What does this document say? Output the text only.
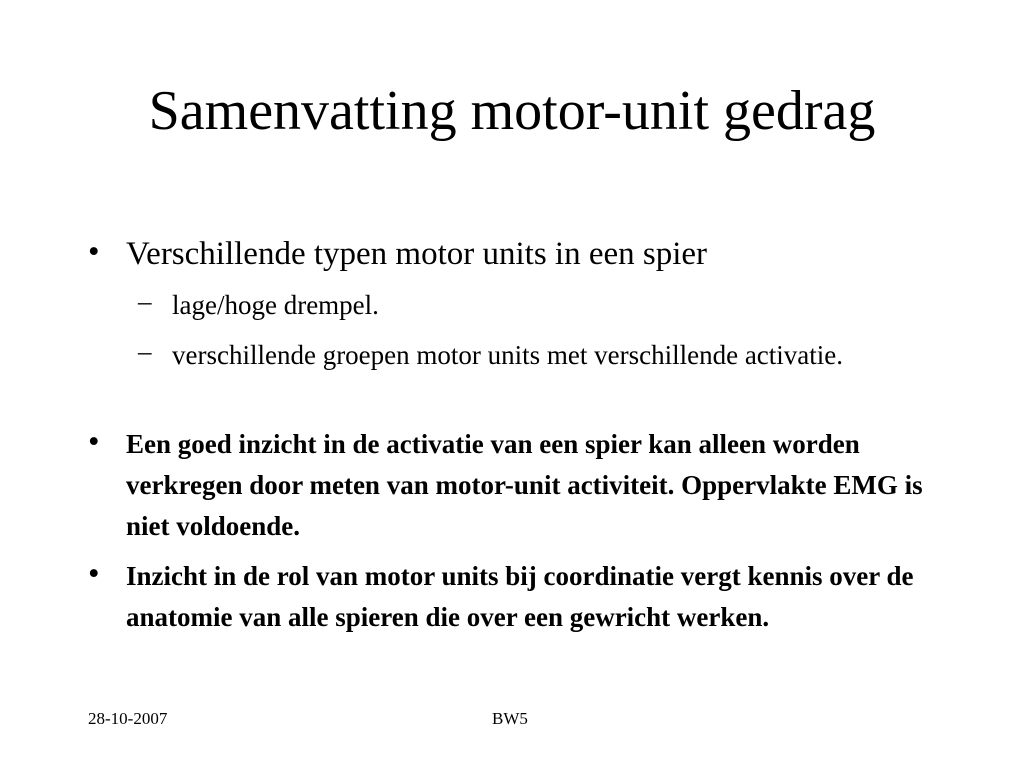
Samenvatting motor-unit gedrag
• Verschillende typen motor units in een spier
– lage/hoge drempel.
– verschillende groepen motor units met verschillende activatie.
• Een goed inzicht in de activatie van een spier kan alleen worden verkregen door meten van motor-unit activiteit. Oppervlakte EMG is niet voldoende.
• Inzicht in de rol van motor units bij coordinatie vergt kennis over de anatomie van alle spieren die over een gewricht werken.
28-10-2007	BW5
